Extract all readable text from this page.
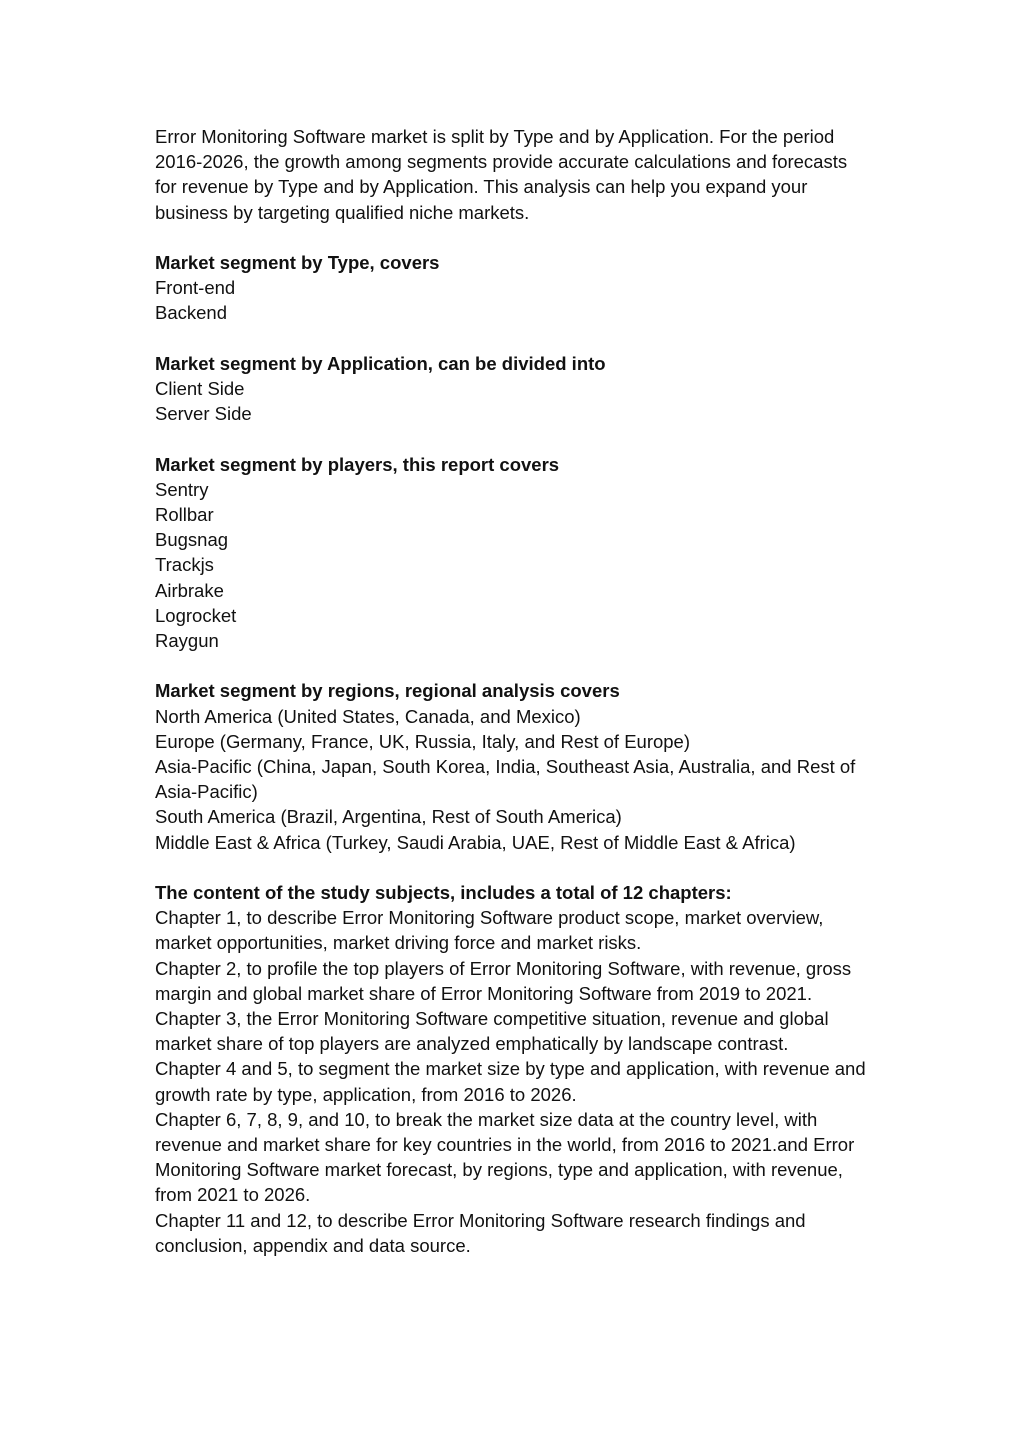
Error Monitoring Software market is split by Type and by Application. For the period 2016-2026, the growth among segments provide accurate calculations and forecasts for revenue by Type and by Application. This analysis can help you expand your business by targeting qualified niche markets.

Market segment by Type, covers

Front-end
Backend

Market segment by Application, can be divided into

Client Side
Server Side

Market segment by players, this report covers

Sentry
Rollbar
Bugsnag
Trackjs
Airbrake
Logrocket
Raygun

Market segment by regions, regional analysis covers

North America (United States, Canada, and Mexico)
Europe (Germany, France, UK, Russia, Italy, and Rest of Europe)
Asia-Pacific (China, Japan, South Korea, India, Southeast Asia, Australia, and Rest of Asia-Pacific)
South America (Brazil, Argentina, Rest of South America)
Middle East & Africa (Turkey, Saudi Arabia, UAE, Rest of Middle East & Africa)

The content of the study subjects, includes a total of 12 chapters:

Chapter 1, to describe Error Monitoring Software product scope, market overview, market opportunities, market driving force and market risks.
Chapter 2, to profile the top players of Error Monitoring Software, with revenue, gross margin and global market share of Error Monitoring Software from 2019 to 2021.
Chapter 3, the Error Monitoring Software competitive situation, revenue and global market share of top players are analyzed emphatically by landscape contrast.
Chapter 4 and 5, to segment the market size by type and application, with revenue and growth rate by type, application, from 2016 to 2026.
Chapter 6, 7, 8, 9, and 10, to break the market size data at the country level, with revenue and market share for key countries in the world, from 2016 to 2021.and Error Monitoring Software market forecast, by regions, type and application, with revenue, from 2021 to 2026.
Chapter 11 and 12, to describe Error Monitoring Software research findings and conclusion, appendix and data source.
